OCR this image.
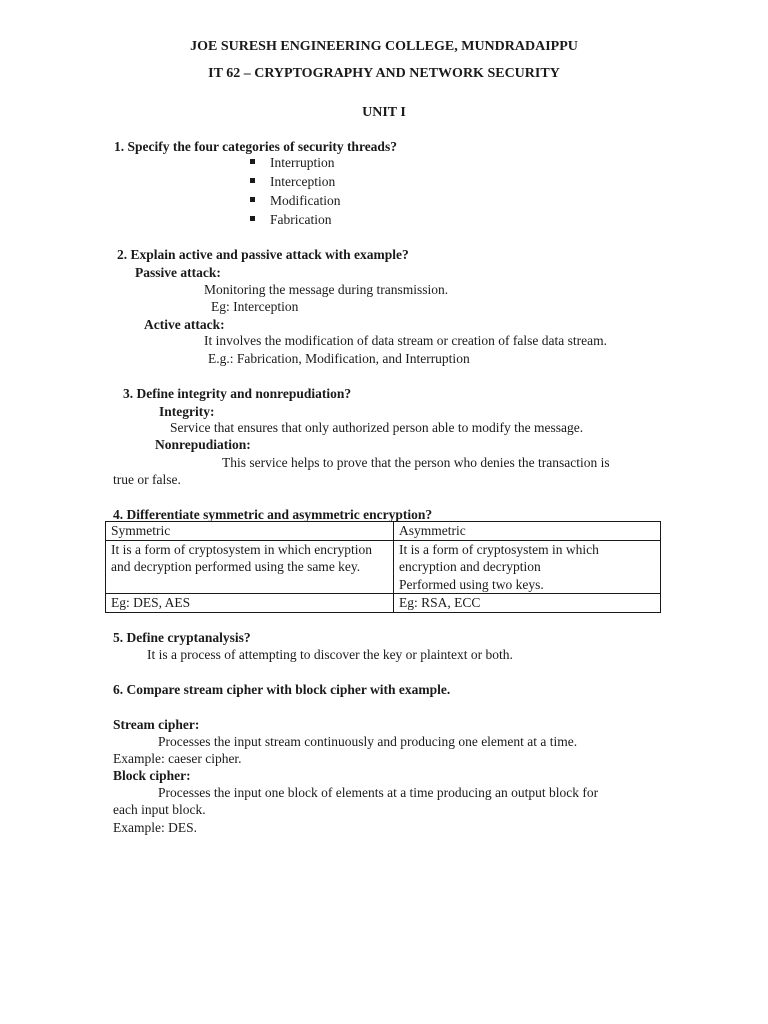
JOE SURESH ENGINEERING COLLEGE, MUNDRADAIPPU
IT 62 – CRYPTOGRAPHY AND NETWORK SECURITY
UNIT I
1. Specify the four categories of security threads?
Interruption
Interception
Modification
Fabrication
2. Explain active and passive attack with example?
Passive attack:
Monitoring the message during transmission.
Eg: Interception
Active attack:
It involves the modification of data stream or creation of false data stream.
E.g.: Fabrication, Modification, and Interruption
3. Define integrity and nonrepudiation?
Integrity:
Service that ensures that only authorized person able to modify the message.
Nonrepudiation:
This service helps to prove that the person who denies the transaction is
true or false.
4. Differentiate symmetric and asymmetric encryption?
Symmetric	Asymmetric
It is a form of cryptosystem in which encryption and decryption performed using the same key.	It is a form of cryptosystem in which encryption and decryption
Performed using two keys.

Eg: DES, AES	Eg: RSA, ECC
5. Define cryptanalysis?
It is a process of attempting to discover the key or plaintext or both.
6. Compare stream cipher with block cipher with example.
Stream cipher:
Processes the input stream continuously and producing one element at a time.
Example: caeser cipher.
Block cipher:
Processes the input one block of elements at a time producing an output block for
each input block.
Example: DES.
